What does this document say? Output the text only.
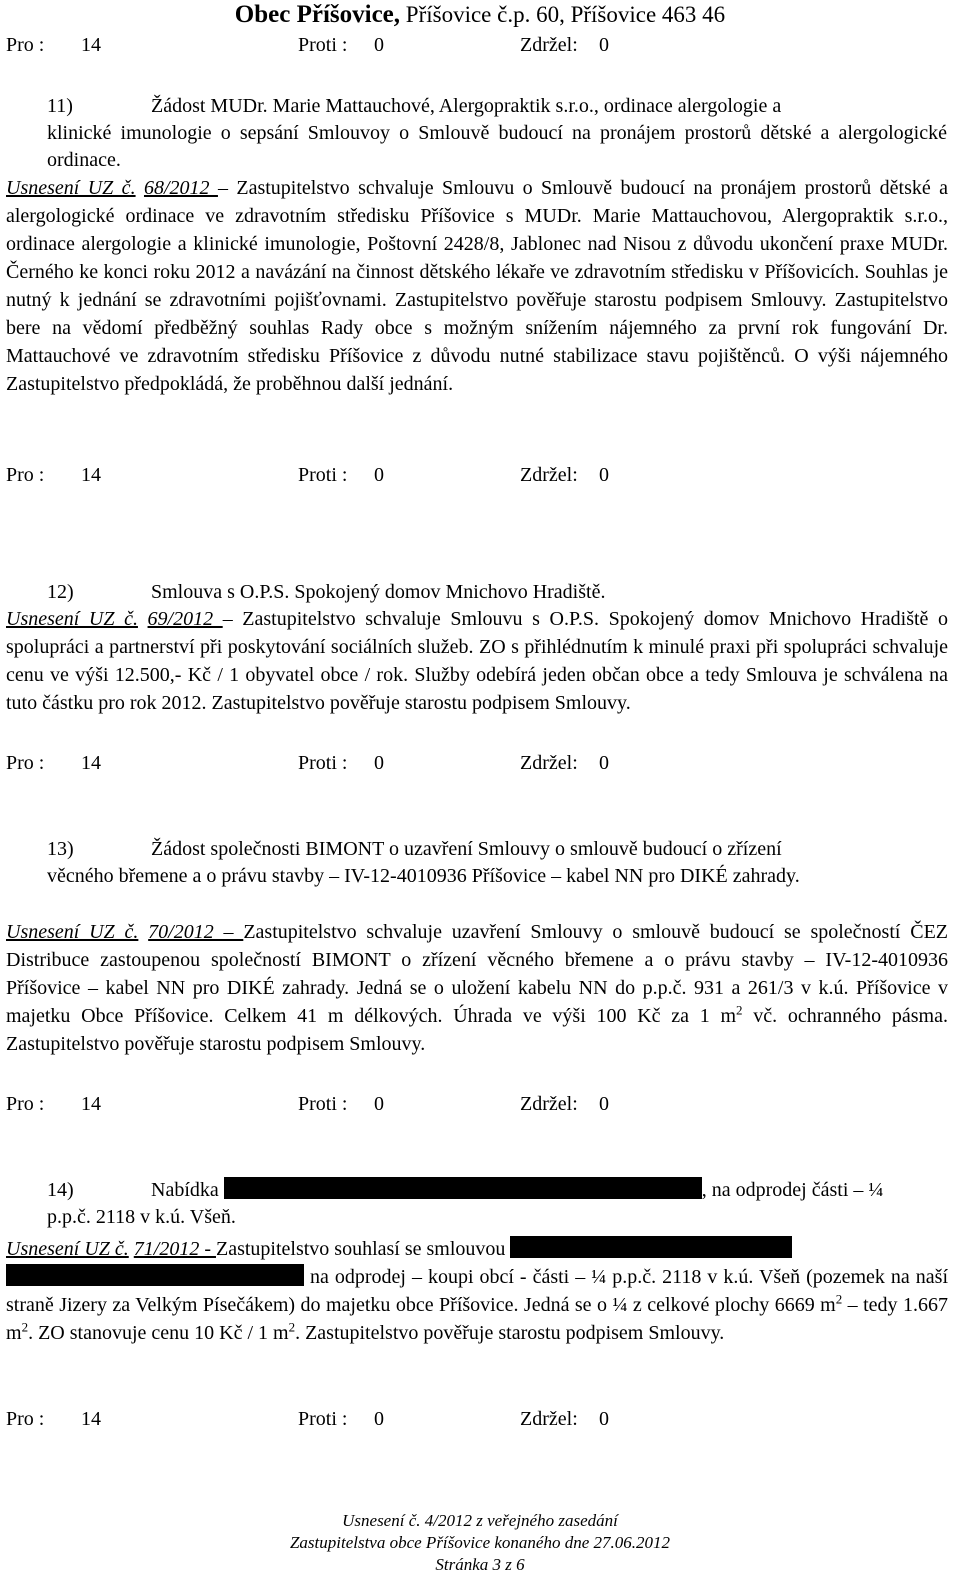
Obec Příšovice, Příšovice č.p. 60, Příšovice 463 46
Pro : 14	Proti : 0	Zdržel: 0
11)	Žádost MUDr. Marie Mattauchové, Alergopraktik s.r.o., ordinace alergologie a
klinické imunologie o sepsání Smlouvoy o Smlouvě budoucí na pronájem prostorů dětské a alergologické ordinace.
Usnesení UZ č. 68/2012 – Zastupitelstvo schvaluje Smlouvu o Smlouvě budoucí na pronájem prostorů dětské a alergologické ordinace ve zdravotním středisku Příšovice s MUDr. Marie Mattauchovou, Alergopraktik s.r.o., ordinace alergologie a klinické imunologie, Poštovní 2428/8, Jablonec nad Nisou z důvodu ukončení praxe MUDr. Černého ke konci roku 2012 a navázání na činnost dětského lékaře ve zdravotním středisku v Příšovicích. Souhlas je nutný k jednání se zdravotními pojišťovnami. Zastupitelstvo pověřuje starostu podpisem Smlouvy. Zastupitelstvo bere na vědomí předběžný souhlas Rady obce s možným snížením nájemného za první rok fungování Dr. Mattauchové ve zdravotním středisku Příšovice z důvodu nutné stabilizace stavu pojištěnců. O výši nájemného Zastupitelstvo předpokládá, že proběhnou další jednání.
Pro : 14	Proti : 0	Zdržel: 0
12)	Smlouva s O.P.S. Spokojený domov Mnichovo Hradiště.
Usnesení UZ č. 69/2012 – Zastupitelstvo schvaluje Smlouvu s O.P.S. Spokojený domov Mnichovo Hradiště o spolupráci a partnerství při poskytování sociálních služeb. ZO s přihlédnutím k minulé praxi při spolupráci schvaluje cenu ve výši 12.500,- Kč / 1 obyvatel obce / rok. Služby odebírá jeden občan obce a tedy Smlouva je schválena na tuto částku pro rok 2012. Zastupitelstvo pověřuje starostu podpisem Smlouvy.
Pro : 14	Proti : 0	Zdržel: 0
13)	Žádost společnosti BIMONT o uzavření Smlouvy o smlouvě budoucí o zřízení
věcného břemene a o právu stavby – IV-12-4010936 Příšovice – kabel NN pro DIKÉ zahrady.
Usnesení UZ č. 70/2012 – Zastupitelstvo schvaluje uzavření Smlouvy o smlouvě budoucí se společností ČEZ Distribuce zastoupenou společností BIMONT o zřízení věcného břemene a o právu stavby – IV-12-4010936 Příšovice – kabel NN pro DIKÉ zahrady. Jedná se o uložení kabelu NN do p.p.č. 931 a 261/3 v k.ú. Příšovice v majetku Obce Příšovice. Celkem 41 m délkových. Úhrada ve výši 100 Kč za 1 $m^2$ vč. ochranného pásma. Zastupitelstvo pověřuje starostu podpisem Smlouvy.
Pro : 14	Proti : 0	Zdržel: 0
14)	Nabídka	, na odprodej části – ¼
p.p.č. 2118 v k.ú. Všeň.
Usnesení UZ č. 71/2012 - Zastupitelstvo souhlasí se smlouvou
na odprodej – koupi obcí - části – ¼ p.p.č. 2118 v k.ú. Všeň (pozemek na naší straně Jizery za Velkým Písečákem) do majetku obce Příšovice. Jedná se o ¼ z celkové plochy 6669 $m^2$ – tedy 1.667 $m^2$. ZO stanovuje cenu 10 Kč / 1 $m^2$. Zastupitelstvo pověřuje starostu podpisem Smlouvy.
Pro : 14	Proti : 0	Zdržel: 0
Usnesení č. 4/2012 z veřejného zasedání
Zastupitelstva obce Příšovice konaného dne 27.06.2012
Stránka 3 z 6
